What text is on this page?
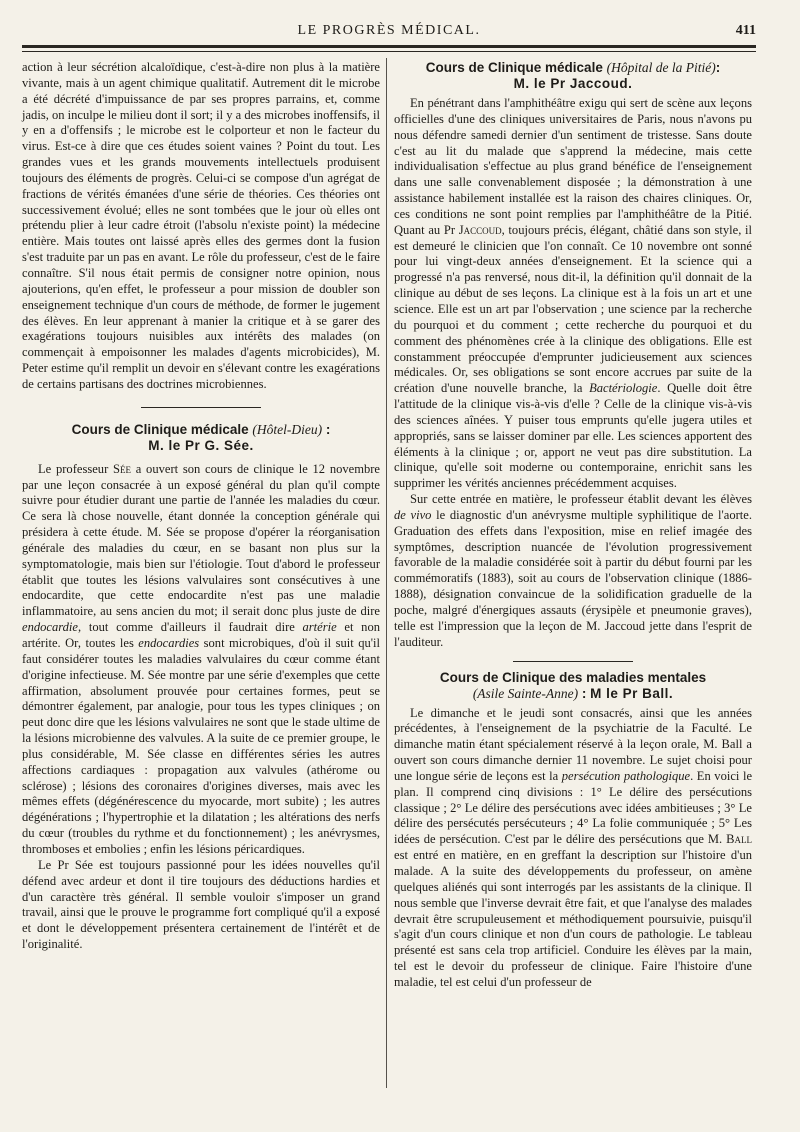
LE PROGRÈS MÉDICAL.	411

action à leur sécrétion alcaloïdique, c'est-à-dire non plus à la matière vivante, mais à un agent chimique qualitatif. Autrement dit le microbe a été décrété d'impuissance de par ses propres parrains, et, comme jadis, on inculpe le milieu dont il sort; il y a des microbes inoffensifs, il y en a d'offensifs ; le microbe est le colporteur et non le facteur du virus. Est-ce à dire que ces études soient vaines ? Point du tout. Les grandes vues et les grands mouvements intellectuels produisent toujours des éléments de progrès. Celui-ci se compose d'un agrégat de fractions de vérités émanées d'une série de théories. Ces théories ont successivement évolué; elles ne sont tombées que le jour où elles ont prétendu plier à leur cadre étroit (l'absolu n'existe point) la médecine entière. Mais toutes ont laissé après elles des germes dont la fusion s'est traduite par un pas en avant. Le rôle du professeur, c'est de le faire connaître. S'il nous était permis de consigner notre opinion, nous ajouterions, qu'en effet, le professeur a pour mission de doubler son enseignement technique d'un cours de méthode, de former le jugement des élèves. En leur apprenant à manier la critique et à se garer des exagérations toujours nuisibles aux intérêts des malades (on commençait à empoisonner les malades d'agents microbicides), M. Peter estime qu'il remplit un devoir en s'élevant contre les exagérations de certains partisans des doctrines microbiennes.

Cours de Clinique médicale (Hôtel-Dieu) :
M. le Pr G. Sée.

Le professeur Sée a ouvert son cours de clinique le 12 novembre par une leçon consacrée à un exposé général du plan qu'il compte suivre pour étudier durant une partie de l'année les maladies du cœur. Ce sera là chose nouvelle, étant donnée la conception générale qui présidera à cette étude. M. Sée se propose d'opérer la réorganisation générale des maladies du cœur, en se basant non plus sur la symptomatologie, mais bien sur l'étiologie. Tout d'abord le professeur établit que toutes les lésions valvulaires sont consécutives à une endocardite, que cette endocardite n'est pas une maladie inflammatoire, au sens ancien du mot; il serait donc plus juste de dire endocardie, tout comme d'ailleurs il faudrait dire artérie et non artérite. Or, toutes les endocardies sont microbiques, d'où il suit qu'il faut considérer toutes les maladies valvulaires du cœur comme étant d'origine infectieuse. M. Sée montre par une série d'exemples que cette affirmation, absolument prouvée pour certaines formes, peut se démontrer également, par analogie, pour tous les types cliniques ; on peut donc dire que les lésions valvulaires ne sont que le stade ultime de la lésions microbienne des valvules. A la suite de ce premier groupe, le plus considérable, M. Sée classe en différentes séries les autres affections cardiaques : propagation aux valvules (athérome ou sclérose) ; lésions des coronaires d'origines diverses, mais avec les mêmes effets (dégénérescence du myocarde, mort subite) ; les autres dégénérations ; l'hypertrophie et la dilatation ; les altérations des nerfs du cœur (troubles du rythme et du fonctionnement) ; les anévrysmes, thromboses et embolies ; enfin les lésions péricardiques.

Le Pr Sée est toujours passionné pour les idées nouvelles qu'il défend avec ardeur et dont il tire toujours des déductions hardies et d'un caractère très général. Il semble vouloir s'imposer un grand travail, ainsi que le prouve le programme fort compliqué qu'il a exposé et dont le développement présentera certainement de l'intérêt et de l'originalité.

Cours de Clinique médicale (Hôpital de la Pitié):
M. le Pr Jaccoud.

En pénétrant dans l'amphithéâtre exigu qui sert de scène aux leçons officielles d'une des cliniques universitaires de Paris, nous n'avons pu nous défendre samedi dernier d'un sentiment de tristesse. Sans doute c'est au lit du malade que s'apprend la médecine, mais cette individualisation s'effectue au plus grand bénéfice de l'enseignement dans une salle convenablement disposée ; la démonstration à une assistance habilement installée est la raison des chaires cliniques. Or, ces conditions ne sont point remplies par l'amphithéâtre de la Pitié. Quant au Pr Jaccoud, toujours précis, élégant, châtié dans son style, il est demeuré le clinicien que l'on connaît. Ce 10 novembre ont sonné pour lui vingt-deux années d'enseignement. Et la science qui a progressé n'a pas renversé, nous dit-il, la définition qu'il donnait de la clinique au début de ses leçons. La clinique est à la fois un art et une science. Elle est un art par l'observation ; une science par la recherche du pourquoi et du comment ; cette recherche du pourquoi et du comment des phénomènes crée à la clinique des obligations. Elle est constamment préoccupée d'emprunter judicieusement aux sciences médicales. Or, ses obligations se sont encore accrues par suite de la création d'une nouvelle branche, la Bactériologie. Quelle doit être l'attitude de la clinique vis-à-vis d'elle ? Celle de la clinique vis-à-vis des sciences aînées. Y puiser tous emprunts qu'elle jugera utiles et appropriés, sans se laisser dominer par elle. Les sciences apportent des éléments à la clinique ; or, apport ne veut pas dire substitution. La clinique, qu'elle soit moderne ou contemporaine, enrichit sans les supprimer les vérités anciennes précédemment acquises.

Sur cette entrée en matière, le professeur établit devant les élèves de vivo le diagnostic d'un anévrysme multiple syphilitique de l'aorte. Graduation des effets dans l'exposition, mise en relief imagée des symptômes, description nuancée de l'évolution progressivement favorable de la maladie considérée soit à partir du début fourni par les commémoratifs (1883), soit au cours de l'observation clinique (1886-1888), désignation convaincue de la solidification graduelle de la poche, malgré d'énergiques assauts (érysipèle et pneumonie graves), telle est l'impression que la leçon de M. Jaccoud jette dans l'esprit de l'auditeur.

Cours de Clinique des maladies mentales
(Asile Sainte-Anne) : M le Pr Ball.

Le dimanche et le jeudi sont consacrés, ainsi que les années précédentes, à l'enseignement de la psychiatrie de la Faculté. Le dimanche matin étant spécialement réservé à la leçon orale, M. Ball a ouvert son cours dimanche dernier 11 novembre. Le sujet choisi pour une longue série de leçons est la persécution pathologique. En voici le plan. Il comprend cinq divisions : 1° Le délire des persécutions classique ; 2° Le délire des persécutions avec idées ambitieuses ; 3° Le délire des persécutés persécuteurs ; 4° La folie communiquée ; 5° Les idées de persécution. C'est par le délire des persécutions que M. Ball est entré en matière, en en greffant la description sur l'histoire d'un malade. A la suite des développements du professeur, on amène quelques aliénés qui sont interrogés par les assistants de la clinique. Il nous semble que l'inverse devrait être fait, et que l'analyse des malades devrait être scrupuleusement et méthodiquement poursuivie, puisqu'il s'agit d'un cours clinique et non d'un cours de pathologie. Le tableau présenté est sans cela trop artificiel. Conduire les élèves par la main, tel est le devoir du professeur de clinique. Faire l'histoire d'une maladie, tel est celui d'un professeur de
